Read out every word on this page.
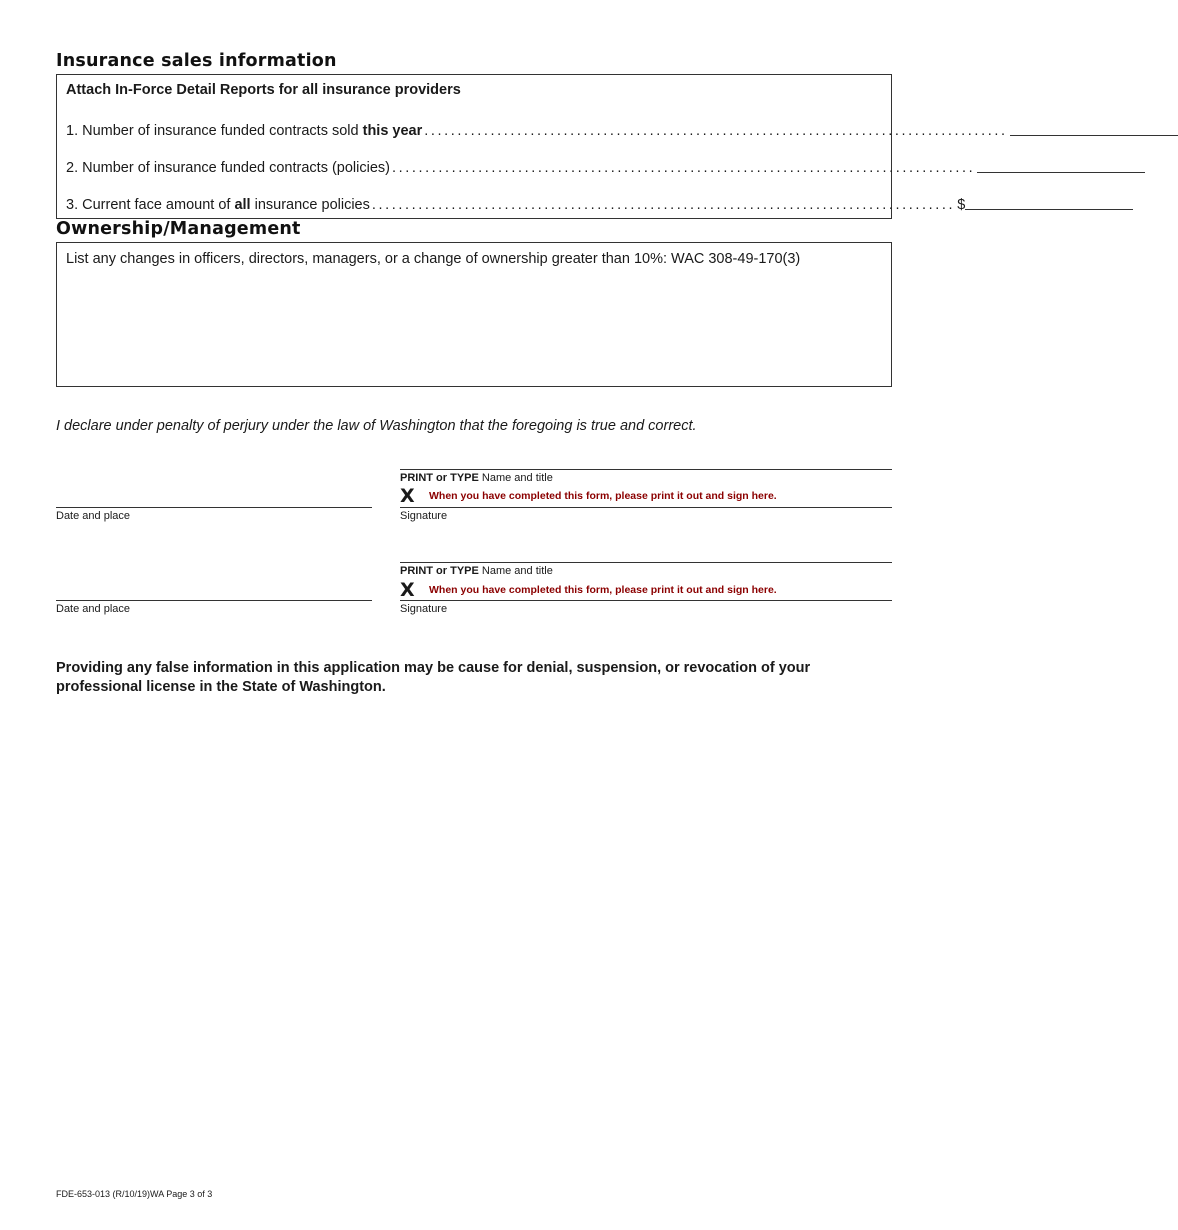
Insurance sales information
Attach In-Force Detail Reports for all insurance providers
1. Number of insurance funded contracts sold this year ........................................................................................
2. Number of insurance funded contracts (policies) ........................................................................................
3. Current face amount of all insurance policies ........................................................................................ $
Ownership/Management
List any changes in officers, directors, managers, or a change of ownership greater than 10%: WAC 308-49-170(3)
I declare under penalty of perjury under the law of Washington that the foregoing is true and correct.
PRINT or TYPE Name and title
X When you have completed this form, please print it out and sign here.
Date and place	Signature
PRINT or TYPE Name and title
X When you have completed this form, please print it out and sign here.
Date and place	Signature
Providing any false information in this application may be cause for denial, suspension, or revocation of your professional license in the State of Washington.
FDE-653-013 (R/10/19)WA Page 3 of 3
